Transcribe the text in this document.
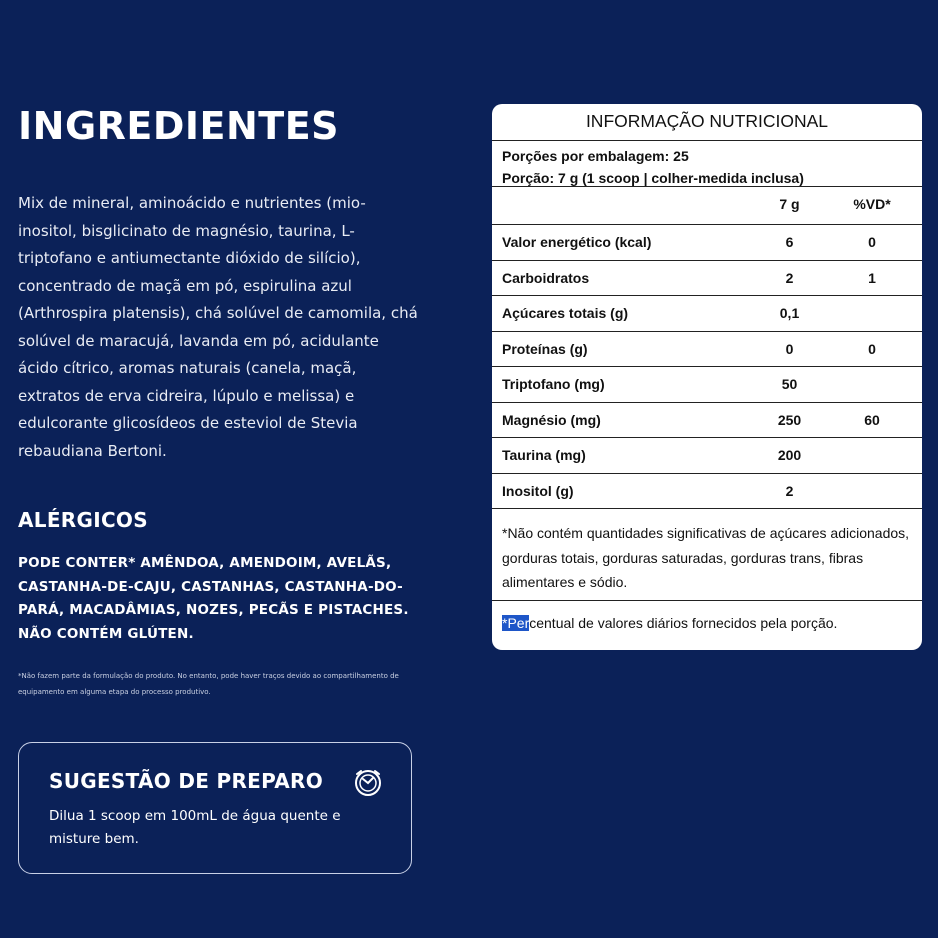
INGREDIENTES
Mix de mineral, aminoácido e nutrientes (mio-inositol, bisglicinato de magnésio, taurina, L-triptofano e antiumectante dióxido de silício), concentrado de maçã em pó, espirulina azul (Arthrospira platensis), chá solúvel de camomila, chá solúvel de maracujá, lavanda em pó, acidulante ácido cítrico, aromas naturais (canela, maçã, extratos de erva cidreira, lúpulo e melissa) e edulcorante glicosídeos de esteviol de Stevia rebaudiana Bertoni.
ALÉRGICOS
PODE CONTER* AMÊNDOA, AMENDOIM, AVELÃS, CASTANHA-DE-CAJU, CASTANHAS, CASTANHA-DO-PARÁ, MACADÂMIAS, NOZES, PECÃS E PISTACHES. NÃO CONTÉM GLÚTEN.
*Não fazem parte da formulação do produto. No entanto, pode haver traços devido ao compartilhamento de equipamento em alguma etapa do processo produtivo.
SUGESTÃO DE PREPARO
Dilua 1 scoop em 100mL de água quente e misture bem.
INFORMAÇÃO NUTRICIONAL
Porções por embalagem: 25
Porção: 7 g (1 scoop | colher-medida inclusa)
7 g	%VD*
Valor energético (kcal)	6	0
Carboidratos	2	1
Açúcares totais (g)	0,1
Proteínas (g)	0	0
Triptofano (mg)	50
Magnésio (mg)	250	60
Taurina (mg)	200
Inositol (g)	2
*Não contém quantidades significativas de açúcares adicionados, gorduras totais, gorduras saturadas, gorduras trans, fibras alimentares e sódio.
*Percentual de valores diários fornecidos pela porção.
